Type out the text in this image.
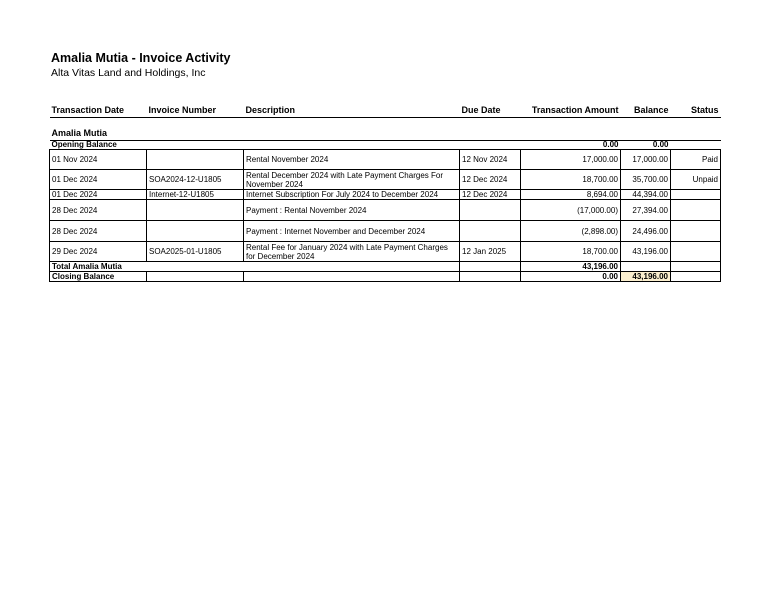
Amalia Mutia - Invoice Activity
Alta Vitas Land and Holdings, Inc
Transaction Date	Invoice Number	Description	Due Date	Transaction Amount	Balance	Status
Amalia Mutia						
Opening Balance				0.00	0.00	
01 Nov 2024		Rental November 2024	12 Nov 2024	17,000.00	17,000.00	Paid
01 Dec 2024	SOA2024-12-U1805	Rental December 2024 with Late Payment Charges For November 2024	12 Dec 2024	18,700.00	35,700.00	Unpaid
01 Dec 2024	Internet-12-U1805	Internet Subscription For July 2024 to December 2024	12 Dec 2024	8,694.00	44,394.00	
28 Dec 2024		Payment : Rental November 2024		(17,000.00)	27,394.00	
28 Dec 2024		Payment : Internet November and December 2024		(2,898.00)	24,496.00	
29 Dec 2024	SOA2025-01-U1805	Rental Fee for January 2024 with Late Payment Charges for December 2024	12 Jan 2025	18,700.00	43,196.00	
Total Amalia Mutia				43,196.00		
Closing Balance				0.00	43,196.00	
